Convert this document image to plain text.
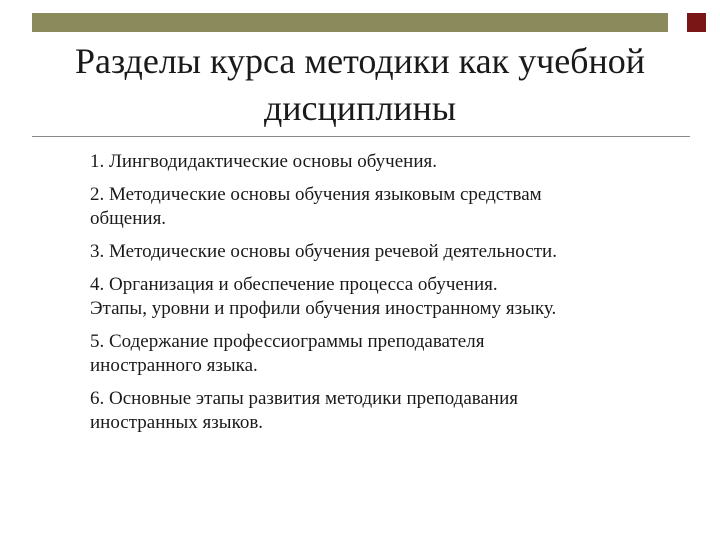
Разделы курса методики как учебной
дисциплины
1. Лингводидактические основы обучения.
2. Методические основы обучения языковым средствам
общения.
3. Методические основы обучения речевой деятельности.
4. Организация и обеспечение процесса обучения.
Этапы, уровни и профили обучения иностранному языку.
5. Содержание профессиограммы преподавателя
иностранного языка.
6. Основные этапы развития методики преподавания
иностранных языков.
